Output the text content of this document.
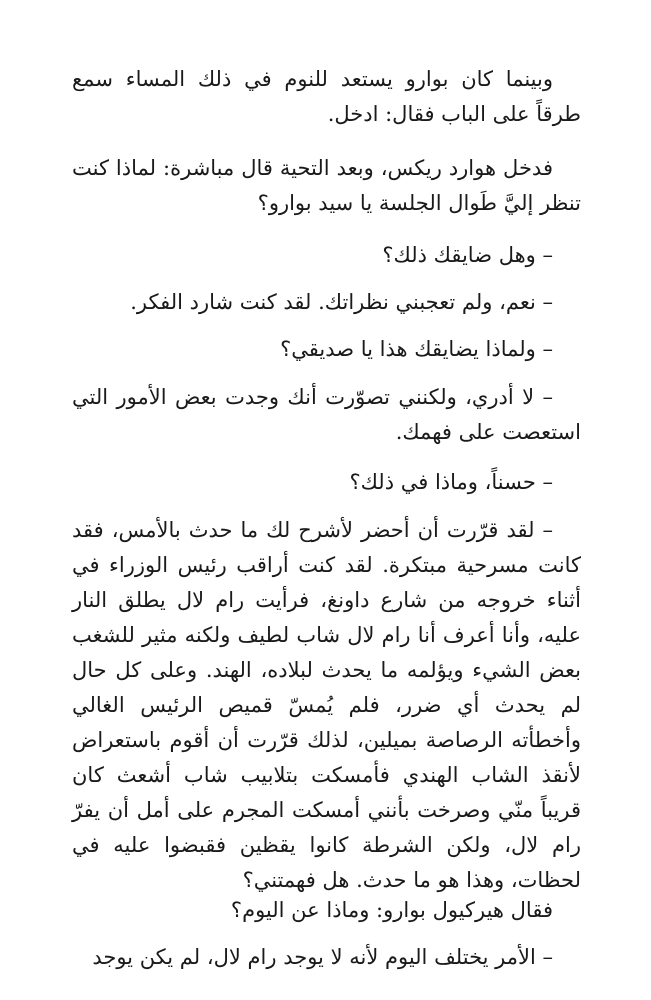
وبينما كان بوارو يستعد للنوم في ذلك المساء سمع طرقاً على الباب فقال: ادخل.

فدخل هوارد ريكس، وبعد التحية قال مباشرة: لماذا كنت تنظر إليَّ طَوال الجلسة يا سيد بوارو؟

– وهل ضايقك ذلك؟

– نعم، ولم تعجبني نظراتك. لقد كنت شارد الفكر.

– ولماذا يضايقك هذا يا صديقي؟

– لا أدري، ولكنني تصوّرت أنك وجدت بعض الأمور التي استعصت على فهمك.

– حسناً، وماذا في ذلك؟

– لقد قرّرت أن أحضر لأشرح لك ما حدث بالأمس، فقد كانت مسرحية مبتكرة. لقد كنت أراقب رئيس الوزراء في أثناء خروجه من شارع داونغ، فرأيت رام لال يطلق النار عليه، وأنا أعرف أنا رام لال شاب لطيف ولكنه مثير للشغب بعض الشيء ويؤلمه ما يحدث لبلاده، الهند. وعلى كل حال لم يحدث أي ضرر، فلم يُمسّ قميص الرئيس الغالي وأخطأته الرصاصة بميلين، لذلك قرّرت أن أقوم باستعراض لأنقذ الشاب الهندي فأمسكت بتلابيب شاب أشعث كان قريباً منّي وصرخت بأنني أمسكت المجرم على أمل أن يفرّ رام لال، ولكن الشرطة كانوا يقظين فقبضوا عليه في لحظات، وهذا هو ما حدث. هل فهمتني؟

فقال هيركيول بوارو: وماذا عن اليوم؟

– الأمر يختلف اليوم لأنه لا يوجد رام لال، لم يكن يوجد
